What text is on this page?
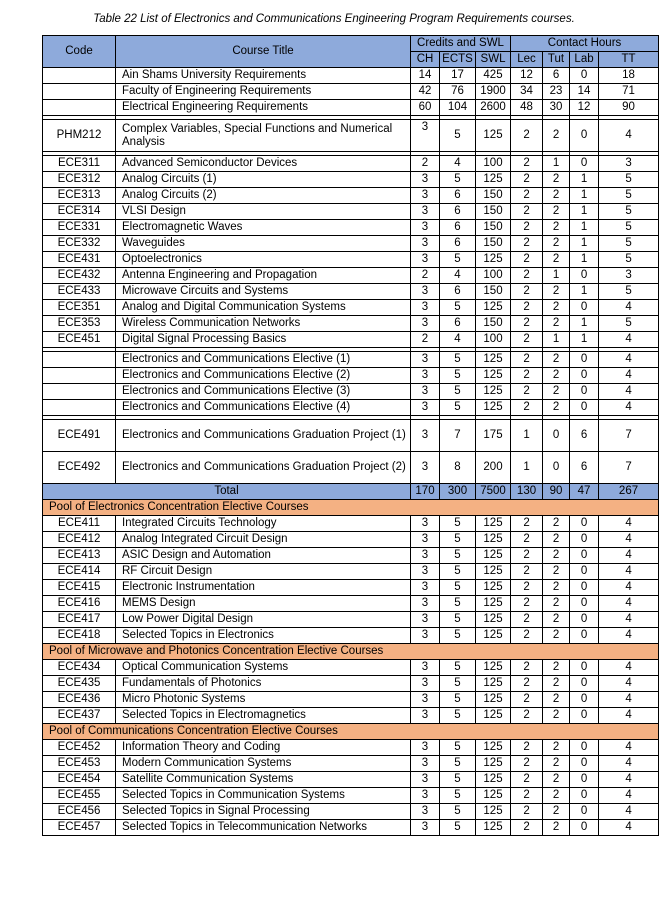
Table 22 List of Electronics and Communications Engineering Program Requirements courses.
Code	Course Title	Credits and SWL			Contact Hours			
		CH	ECTS	SWL	Lec	Tut	Lab	TT
	Ain Shams University Requirements	14	17	425	12	6	0	18
	Faculty of Engineering Requirements	42	76	1900	34	23	14	71
	Electrical Engineering Requirements	60	104	2600	48	30	12	90

PHM212	Complex Variables, Special Functions and Numerical Analysis	3	5	125	2	2	0	4

ECE311	Advanced Semiconductor Devices	2	4	100	2	1	0	3
ECE312	Analog Circuits (1)	3	5	125	2	2	1	5
ECE313	Analog Circuits (2)	3	6	150	2	2	1	5
ECE314	VLSI Design	3	6	150	2	2	1	5
ECE331	Electromagnetic Waves	3	6	150	2	2	1	5
ECE332	Waveguides	3	6	150	2	2	1	5
ECE431	Optoelectronics	3	5	125	2	2	1	5
ECE432	Antenna Engineering and Propagation	2	4	100	2	1	0	3
ECE433	Microwave Circuits and Systems	3	6	150	2	2	1	5
ECE351	Analog and Digital Communication Systems	3	5	125	2	2	0	4
ECE353	Wireless Communication Networks	3	6	150	2	2	1	5
ECE451	Digital Signal Processing Basics	2	4	100	2	1	1	4

	Electronics and Communications Elective (1)	3	5	125	2	2	0	4
	Electronics and Communications Elective (2)	3	5	125	2	2	0	4
	Electronics and Communications Elective (3)	3	5	125	2	2	0	4
	Electronics and Communications Elective (4)	3	5	125	2	2	0	4

ECE491	Electronics and Communications Graduation Project (1)	3	7	175	1	0	6	7
ECE492	Electronics and Communications Graduation Project (2)	3	8	200	1	0	6	7
Total		170	300	7500	130	90	47	267
Pool of Electronics Concentration Elective Courses								
ECE411	Integrated Circuits Technology	3	5	125	2	2	0	4
ECE412	Analog Integrated Circuit Design	3	5	125	2	2	0	4
ECE413	ASIC Design and Automation	3	5	125	2	2	0	4
ECE414	RF Circuit Design	3	5	125	2	2	0	4
ECE415	Electronic Instrumentation	3	5	125	2	2	0	4
ECE416	MEMS Design	3	5	125	2	2	0	4
ECE417	Low Power Digital Design	3	5	125	2	2	0	4
ECE418	Selected Topics in Electronics	3	5	125	2	2	0	4
Pool of Microwave and Photonics Concentration Elective Courses								
ECE434	Optical Communication Systems	3	5	125	2	2	0	4
ECE435	Fundamentals of Photonics	3	5	125	2	2	0	4
ECE436	Micro Photonic Systems	3	5	125	2	2	0	4
ECE437	Selected Topics in Electromagnetics	3	5	125	2	2	0	4
Pool of Communications Concentration Elective Courses								
ECE452	Information Theory and Coding	3	5	125	2	2	0	4
ECE453	Modern Communication Systems	3	5	125	2	2	0	4
ECE454	Satellite Communication Systems	3	5	125	2	2	0	4
ECE455	Selected Topics in Communication Systems	3	5	125	2	2	0	4
ECE456	Selected Topics in Signal Processing	3	5	125	2	2	0	4
ECE457	Selected Topics in Telecommunication Networks	3	5	125	2	2	0	4
